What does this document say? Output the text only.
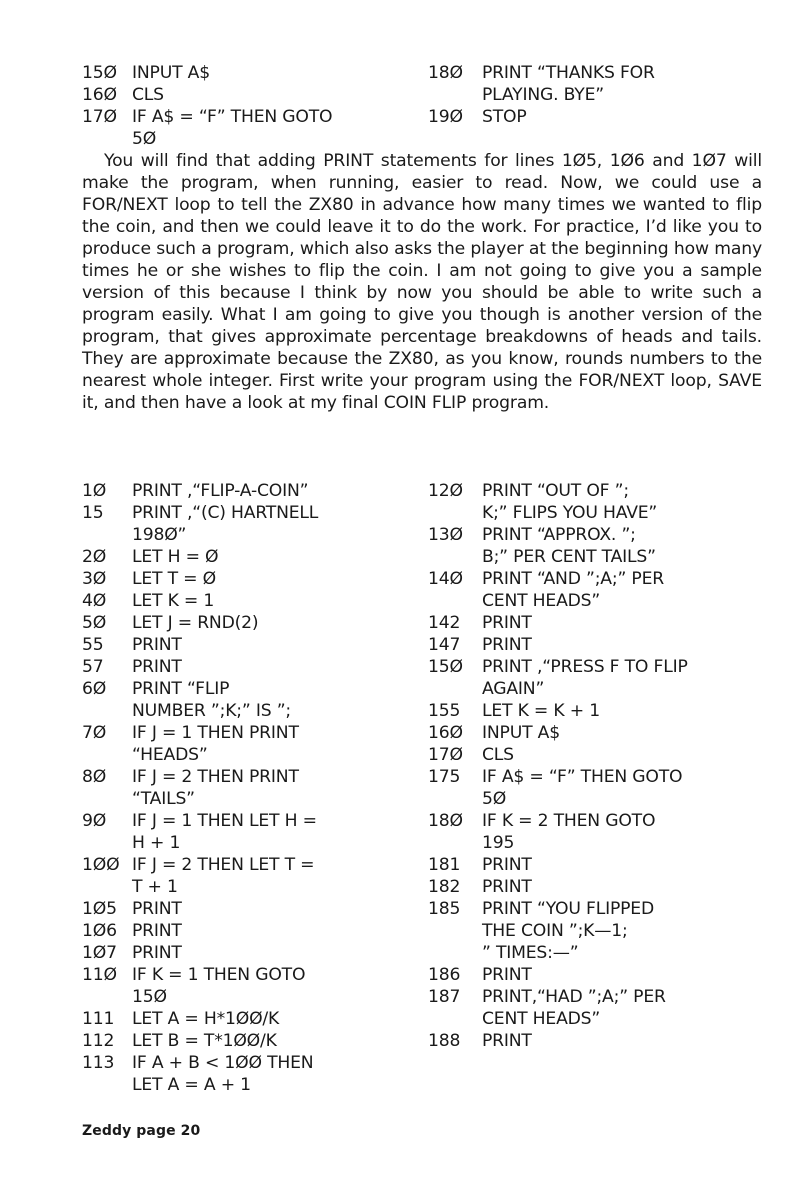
15Ø INPUT A$
16Ø CLS
17Ø IF A$ = “F” THEN GOTO
5Ø
18Ø	PRINT “THANKS FOR
PLAYING. BYE”
19Ø	STOP

You will find that adding PRINT statements for lines 1Ø5, 1Ø6 and 1Ø7 will make the program, when running, easier to read. Now, we could use a FOR/NEXT loop to tell the ZX80 in advance how many times we wanted to flip the coin, and then we could leave it to do the work. For practice, I’d like you to produce such a program, which also asks the player at the beginning how many times he or she wishes to flip the coin. I am not going to give you a sample version of this because I think by now you should be able to write such a program easily. What I am going to give you though is another version of the program, that gives approximate percentage breakdowns of heads and tails. They are approximate because the ZX80, as you know, rounds numbers to the nearest whole integer. First write your program using the FOR/NEXT loop, SAVE it, and then have a look at my final COIN FLIP program.

1Ø	PRINT ,“FLIP-A-COIN”
15	PRINT ,“(C) HARTNELL
198Ø”
2Ø	LET H = Ø
3Ø	LET T = Ø
4Ø	LET K = 1
5Ø	LET J = RND(2)
55	PRINT
57	PRINT
6Ø	PRINT “FLIP
NUMBER ”;K;” IS ”;
7Ø	IF J = 1 THEN PRINT
“HEADS”
8Ø	IF J = 2 THEN PRINT
“TAILS”
9Ø	IF J = 1 THEN LET H =
H + 1
1ØØ IF J = 2 THEN LET T =
T + 1
1Ø5 PRINT
1Ø6 PRINT
1Ø7 PRINT
11Ø IF K = 1 THEN GOTO
15Ø
111	LET A = H*1ØØ/K
112	LET B = T*1ØØ/K
113	IF A + B < 1ØØ THEN
LET A = A + 1
12Ø	PRINT “OUT OF ”;
K;” FLIPS YOU HAVE”
13Ø	PRINT “APPROX. ”;
B;” PER CENT TAILS”
14Ø	PRINT “AND ”;A;” PER
CENT HEADS”
142	PRINT
147	PRINT
15Ø	PRINT ,“PRESS F TO FLIP
AGAIN”
155	LET K = K + 1
16Ø	INPUT A$
17Ø	CLS
175	IF A$ = “F” THEN GOTO
5Ø
18Ø	IF K = 2 THEN GOTO
195
181	PRINT
182	PRINT
185	PRINT “YOU FLIPPED
THE COIN ”;K—1;
” TIMES:—”
186	PRINT
187	PRINT,“HAD ”;A;” PER
CENT HEADS”
188	PRINT
Zeddy page 20
